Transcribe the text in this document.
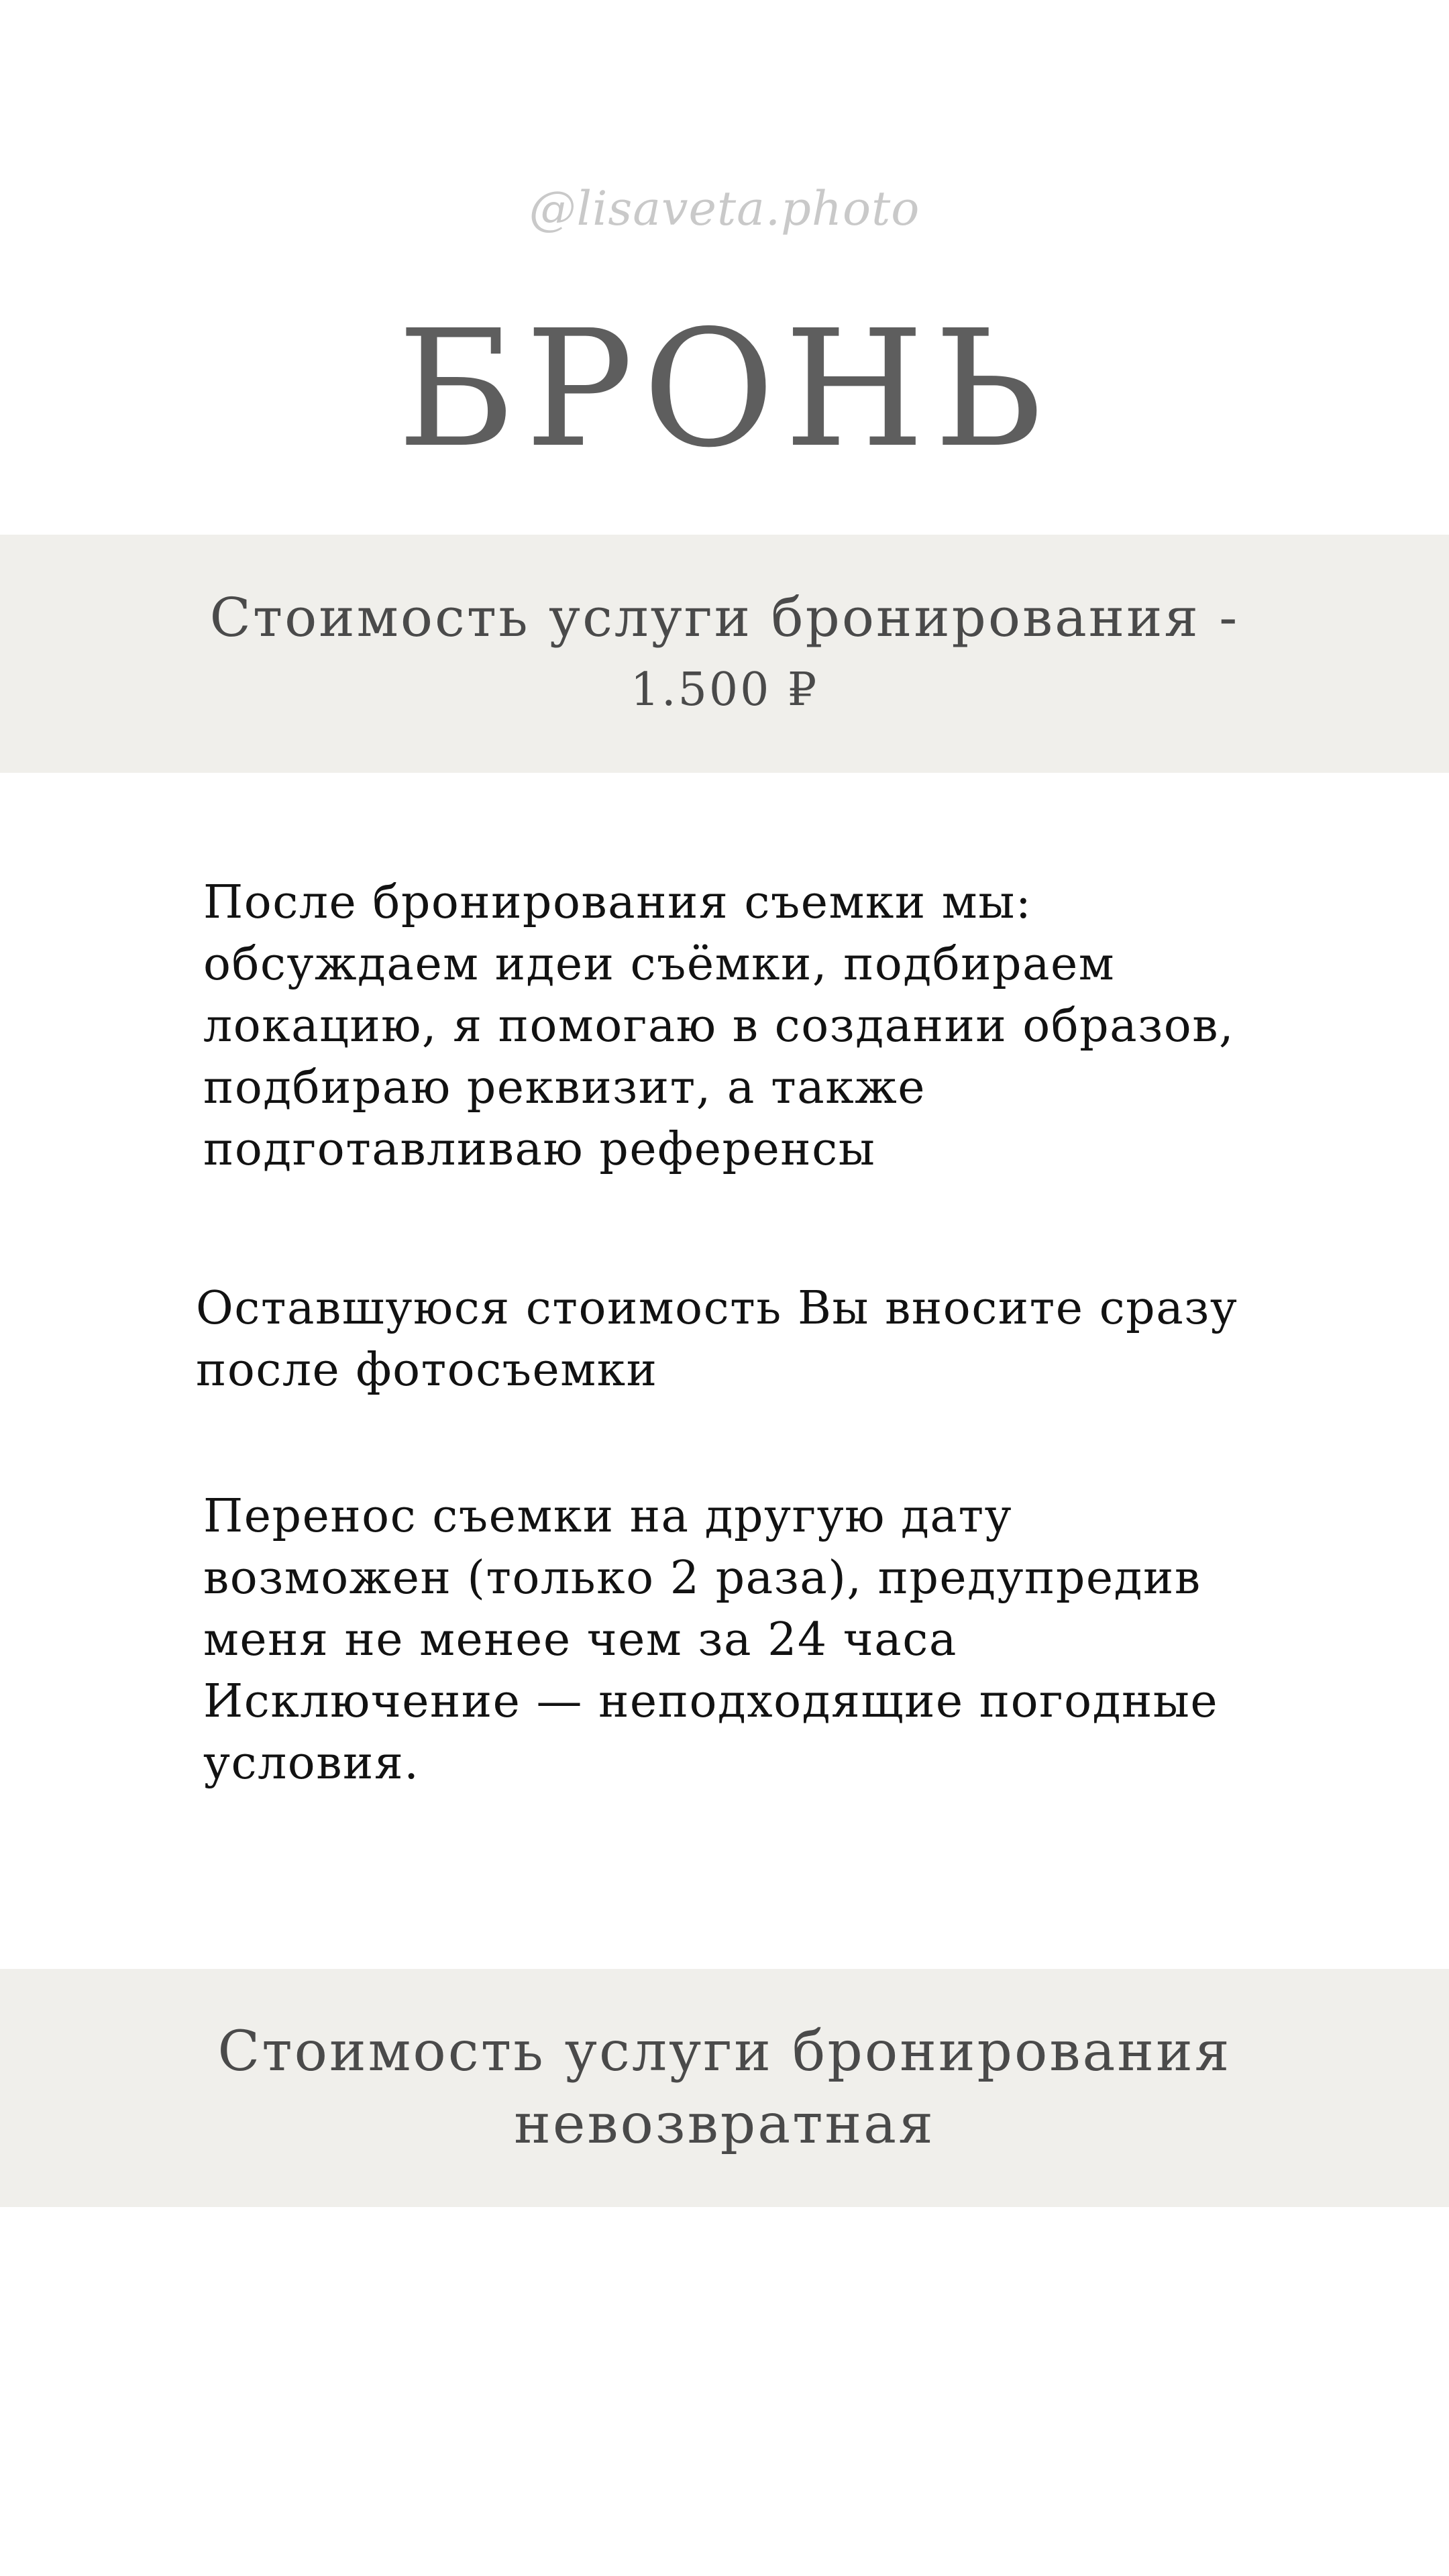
@lisaveta.photo
БРОНЬ
Стоимость услуги бронирования -
1.500 ₽
После бронирования съемки мы:
обсуждаем идеи съёмки, подбираем
локацию, я помогаю в создании образов,
подбираю реквизит, а также
подготавливаю референсы
Оставшуюся стоимость Вы вносите сразу
после фотосъемки
Перенос съемки на другую дату
возможен (только 2 раза), предупредив
меня не менее чем за 24 часа
Исключение — неподходящие погодные
условия.
Стоимость услуги бронирования
невозвратная
